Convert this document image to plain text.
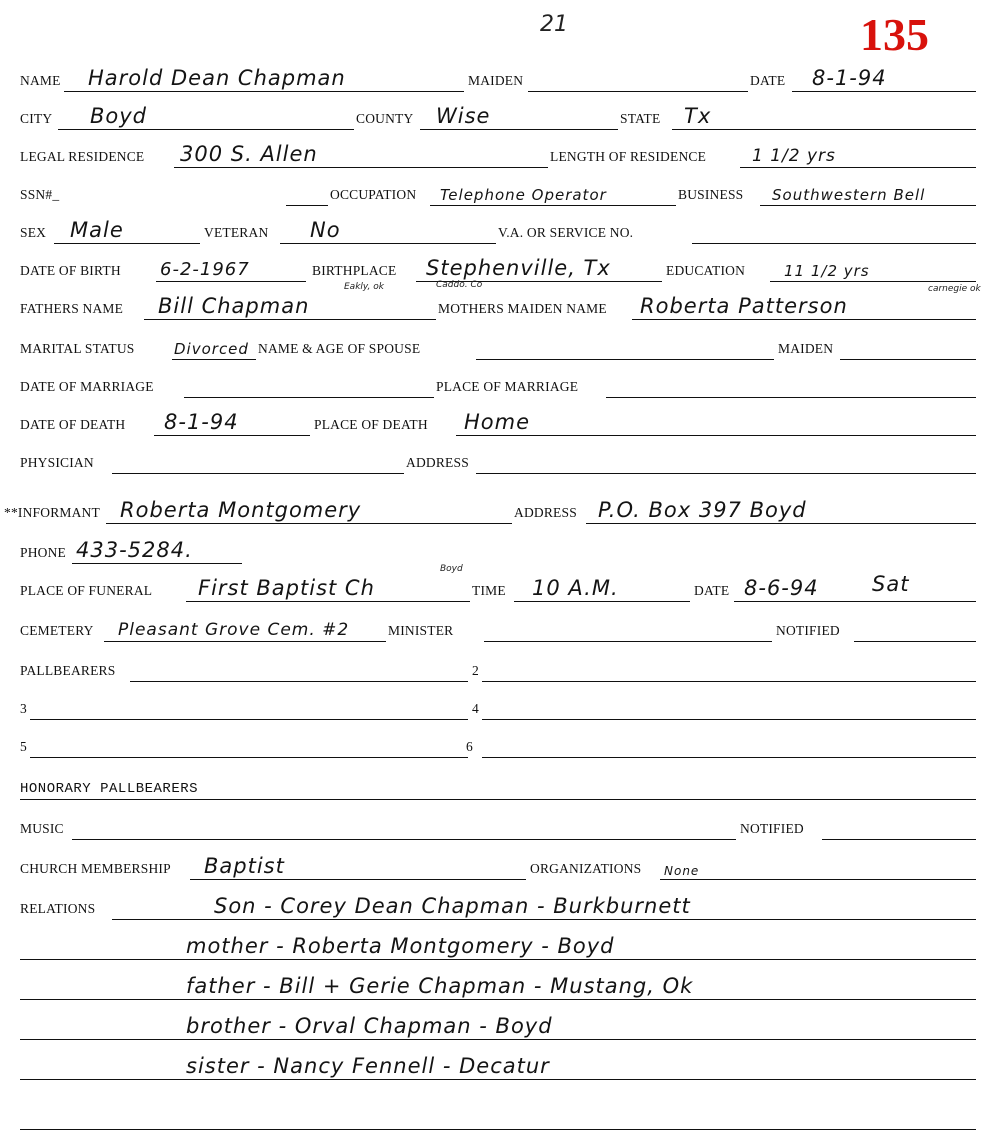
135
21
NAME Harold Dean Chapman	MAIDEN	DATE 8-1-94
CITY Boyd	COUNTY Wise	STATE Tx
LEGAL RESIDENCE 300 S. Allen	LENGTH OF RESIDENCE	1 1/2 yrs
SSN#_	OCCUPATION Telephone Operator	BUSINESS Southwestern Bell
SEX Male	VETERAN No	V.A. OR SERVICE NO.
DATE OF BIRTH 6-2-1967	BIRTHPLACE Stephenville, Tx	EDUCATION	11 1/2 yrs
Caddo. Co
FATHERS NAME Bill Chapman	MOTHERS MAIDEN NAME Roberta Patterson
Eakly, ok	carnegie ok
MARITAL STATUS	Divorced NAME & AGE OF SPOUSE	MAIDEN
DATE OF MARRIAGE	PLACE OF MARRIAGE
DATE OF DEATH 8-1-94	PLACE OF DEATH Home
PHYSICIAN	ADDRESS
**INFORMANT Roberta Montgomery	ADDRESS P.O. Box 397 Boyd
PHONE 433-5284.
PLACE OF FUNERAL First Baptist Ch	TIME 10 A.M.	DATE 8-6-94	Sat
Boyd
CEMETERY Pleasant Grove Cem. #2	MINISTER	NOTIFIED
PALLBEARERS	2
3	4
5	6
HONORARY PALLBEARERS
MUSIC	NOTIFIED
CHURCH MEMBERSHIP Baptist	ORGANIZATIONS None
RELATIONS	Son - Corey Dean Chapman - Burkburnett
mother - Roberta Montgomery - Boyd
father - Bill + Gerie Chapman - Mustang, Ok
brother - Orval Chapman - Boyd
sister - Nancy Fennell - Decatur
